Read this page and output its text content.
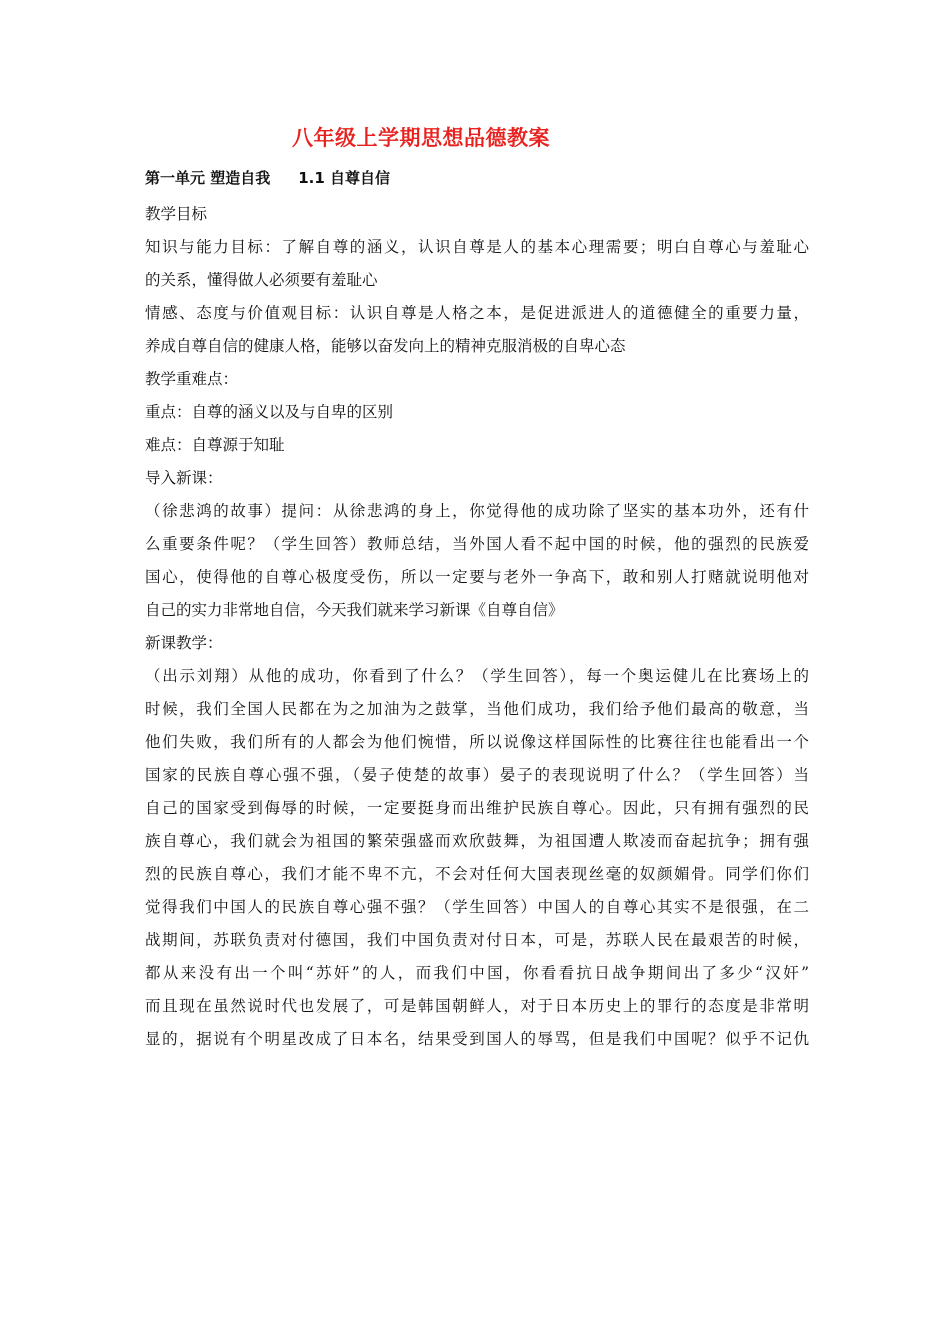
八年级上学期思想品德教案
第一单元 塑造自我 1.1 自尊自信
教学目标
知识与能力目标：了解自尊的涵义，认识自尊是人的基本心理需要；明白自尊心与羞耻心
的关系，懂得做人必须要有羞耻心
情感、态度与价值观目标：认识自尊是人格之本，是促进派进人的道德健全的重要力量，
养成自尊自信的健康人格，能够以奋发向上的精神克服消极的自卑心态
教学重难点：
重点：自尊的涵义以及与自卑的区别
难点：自尊源于知耻
导入新课：
（徐悲鸿的故事）提问：从徐悲鸿的身上，你觉得他的成功除了坚实的基本功外，还有什
么重要条件呢？（学生回答）教师总结，当外国人看不起中国的时候，他的强烈的民族爱
国心，使得他的自尊心极度受伤，所以一定要与老外一争高下，敢和别人打赌就说明他对
自己的实力非常地自信，今天我们就来学习新课《自尊自信》
新课教学：
（出示刘翔）从他的成功，你看到了什么？（学生回答），每一个奥运健儿在比赛场上的
时候，我们全国人民都在为之加油为之鼓掌，当他们成功，我们给予他们最高的敬意，当
他们失败，我们所有的人都会为他们惋惜，所以说像这样国际性的比赛往往也能看出一个
国家的民族自尊心强不强，（晏子使楚的故事）晏子的表现说明了什么？（学生回答）当
自己的国家受到侮辱的时候，一定要挺身而出维护民族自尊心。因此，只有拥有强烈的民
族自尊心，我们就会为祖国的繁荣强盛而欢欣鼓舞，为祖国遭人欺凌而奋起抗争；拥有强
烈的民族自尊心，我们才能不卑不亢，不会对任何大国表现丝毫的奴颜媚骨。同学们你们
觉得我们中国人的民族自尊心强不强？（学生回答）中国人的自尊心其实不是很强，在二
战期间，苏联负责对付德国，我们中国负责对付日本，可是，苏联人民在最艰苦的时候，
都从来没有出一个叫“苏奸”的人，而我们中国，你看看抗日战争期间出了多少“汉奸”
而且现在虽然说时代也发展了，可是韩国朝鲜人，对于日本历史上的罪行的态度是非常明
显的，据说有个明星改成了日本名，结果受到国人的辱骂，但是我们中国呢？似乎不记仇
